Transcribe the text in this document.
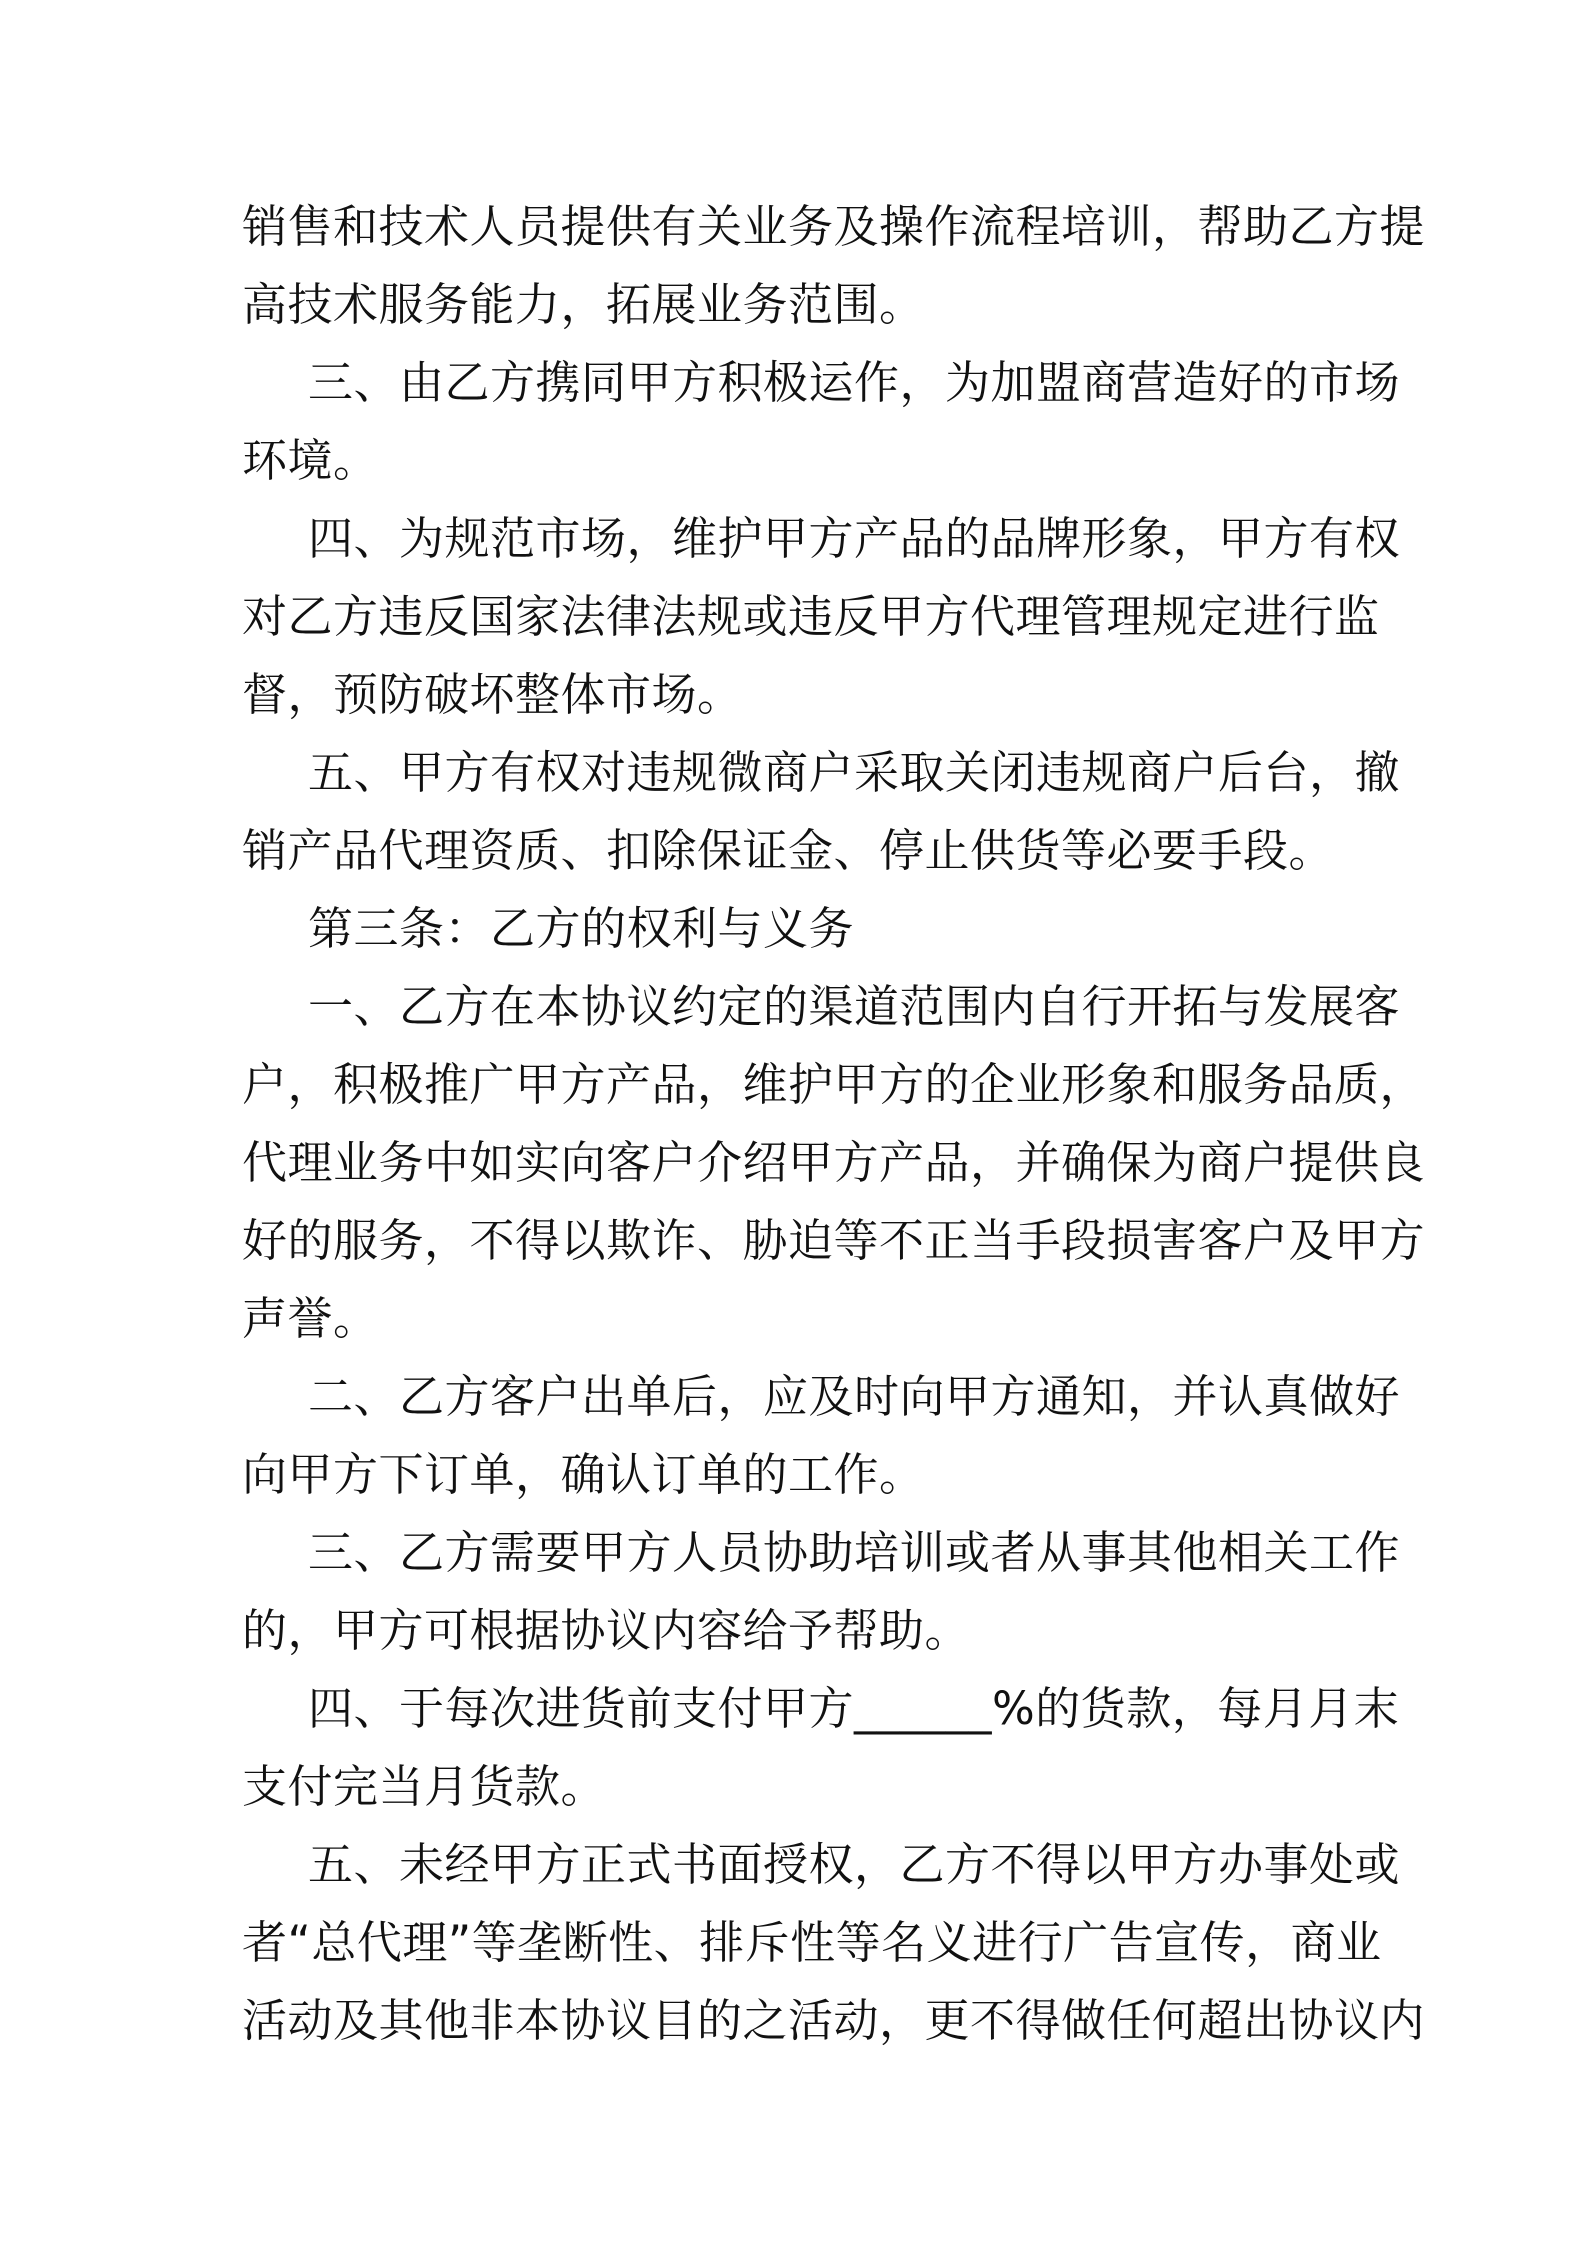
销售和技术人员提供有关业务及操作流程培训，帮助乙方提
高技术服务能力，拓展业务范围。
三、由乙方携同甲方积极运作，为加盟商营造好的市场
环境。
四、为规范市场，维护甲方产品的品牌形象，甲方有权
对乙方违反国家法律法规或违反甲方代理管理规定进行监
督，预防破坏整体市场。
五、甲方有权对违规微商户采取关闭违规商户后台，撤
销产品代理资质、扣除保证金、停止供货等必要手段。
第三条：乙方的权利与义务
一、乙方在本协议约定的渠道范围内自行开拓与发展客
户，积极推广甲方产品，维护甲方的企业形象和服务品质，
代理业务中如实向客户介绍甲方产品，并确保为商户提供良
好的服务，不得以欺诈、胁迫等不正当手段损害客户及甲方
声誉。
二、乙方客户出单后，应及时向甲方通知，并认真做好
向甲方下订单，确认订单的工作。
三、乙方需要甲方人员协助培训或者从事其他相关工作
的，甲方可根据协议内容给予帮助。
四、于每次进货前支付甲方______%的货款，每月月末
支付完当月货款。
五、未经甲方正式书面授权，乙方不得以甲方办事处或
者“总代理”等垄断性、排斥性等名义进行广告宣传，商业
活动及其他非本协议目的之活动，更不得做任何超出协议内
